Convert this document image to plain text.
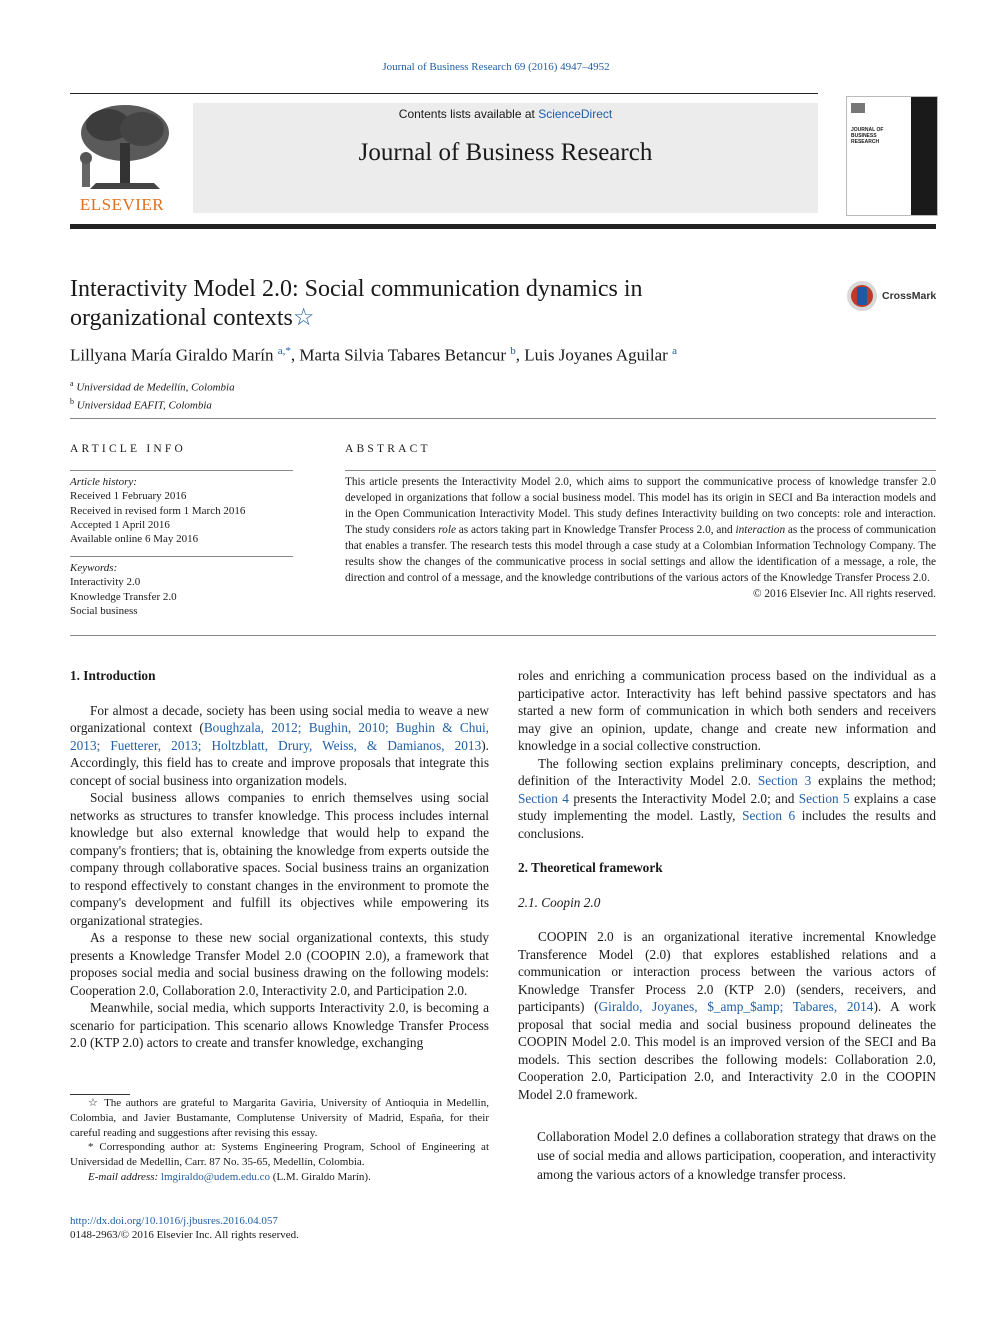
Journal of Business Research 69 (2016) 4947–4952
ELSEVIER
Contents lists available at ScienceDirect
Journal of Business Research
JOURNAL OF
BUSINESS
RESEARCH
Interactivity Model 2.0: Social communication dynamics in
organizational contexts☆
CrossMark
Lillyana María Giraldo Marín $^{a,*}$, Marta Silvia Tabares Betancur $^b$, Luis Joyanes Aguilar $^a$
$^a$ Universidad de Medellín, Colombia
$^b$ Universidad EAFIT, Colombia
ARTICLE INFO
Article history:
Received 1 February 2016
Received in revised form 1 March 2016
Accepted 1 April 2016
Available online 6 May 2016
Keywords:
Interactivity 2.0
Knowledge Transfer 2.0
Social business
ABSTRACT
This article presents the Interactivity Model 2.0, which aims to support the communicative process of knowledge transfer 2.0 developed in organizations that follow a social business model. This model has its origin in SECI and Ba interaction models and in the Open Communication Interactivity Model. This study defines Interactivity building on two concepts: role and interaction. The study considers role as actors taking part in Knowledge Transfer Process 2.0, and interaction as the process of communication that enables a transfer. The research tests this model through a case study at a Colombian Information Technology Company. The results show the changes of the communicative process in social settings and allow the identification of a message, a role, the direction and control of a message, and the knowledge contributions of the various actors of the Knowledge Transfer Process 2.0.
© 2016 Elsevier Inc. All rights reserved.
1. Introduction

For almost a decade, society has been using social media to weave a new organizational context (Boughzala, 2012; Bughin, 2010; Bughin & Chui, 2013; Fuetterer, 2013; Holtzblatt, Drury, Weiss, & Damianos, 2013). Accordingly, this field has to create and improve proposals that integrate this concept of social business into organization models.

Social business allows companies to enrich themselves using social networks as structures to transfer knowledge. This process includes internal knowledge but also external knowledge that would help to expand the company's frontiers; that is, obtaining the knowledge from experts outside the company through collaborative spaces. Social business trains an organization to respond effectively to constant changes in the environment to promote the company's development and fulfill its objectives while empowering its organizational strategies.

As a response to these new social organizational contexts, this study presents a Knowledge Transfer Model 2.0 (COOPIN 2.0), a framework that proposes social media and social business drawing on the following models: Cooperation 2.0, Collaboration 2.0, Interactivity 2.0, and Participation 2.0.

Meanwhile, social media, which supports Interactivity 2.0, is becoming a scenario for participation. This scenario allows Knowledge Transfer Process 2.0 (KTP 2.0) actors to create and transfer knowledge, exchanging

☆ The authors are grateful to Margarita Gaviria, University of Antioquia in Medellin, Colombia, and Javier Bustamante, Complutense University of Madrid, España, for their careful reading and suggestions after revising this essay.

* Corresponding author at: Systems Engineering Program, School of Engineering at Universidad de Medellin, Carr. 87 No. 35-65, Medellín, Colombia.

E-mail address: lmgiraldo@udem.edu.co (L.M. Giraldo Marín).

http://dx.doi.org/10.1016/j.jbusres.2016.04.057
0148-2963/© 2016 Elsevier Inc. All rights reserved.

roles and enriching a communication process based on the individual as a participative actor. Interactivity has left behind passive spectators and has started a new form of communication in which both senders and receivers may give an opinion, update, change and create new information and knowledge in a social collective construction.

The following section explains preliminary concepts, description, and definition of the Interactivity Model 2.0. Section 3 explains the method; Section 4 presents the Interactivity Model 2.0; and Section 5 explains a case study implementing the model. Lastly, Section 6 includes the results and conclusions.

2. Theoretical framework
2.1. Coopin 2.0

COOPIN 2.0 is an organizational iterative incremental Knowledge Transference Model (2.0) that explores established relations and a communication or interaction process between the various actors of Knowledge Transfer Process 2.0 (KTP 2.0) (senders, receivers, and participants) (Giraldo, Joyanes, $_amp_$amp; Tabares, 2014). A work proposal that social media and social business propound delineates the COOPIN Model 2.0. This model is an improved version of the SECI and Ba models. This section describes the following models: Collaboration 2.0, Cooperation 2.0, Participation 2.0, and Interactivity 2.0 in the COOPIN Model 2.0 framework.

Collaboration Model 2.0 defines a collaboration strategy that draws on the use of social media and allows participation, cooperation, and interactivity among the various actors of a knowledge transfer process.
